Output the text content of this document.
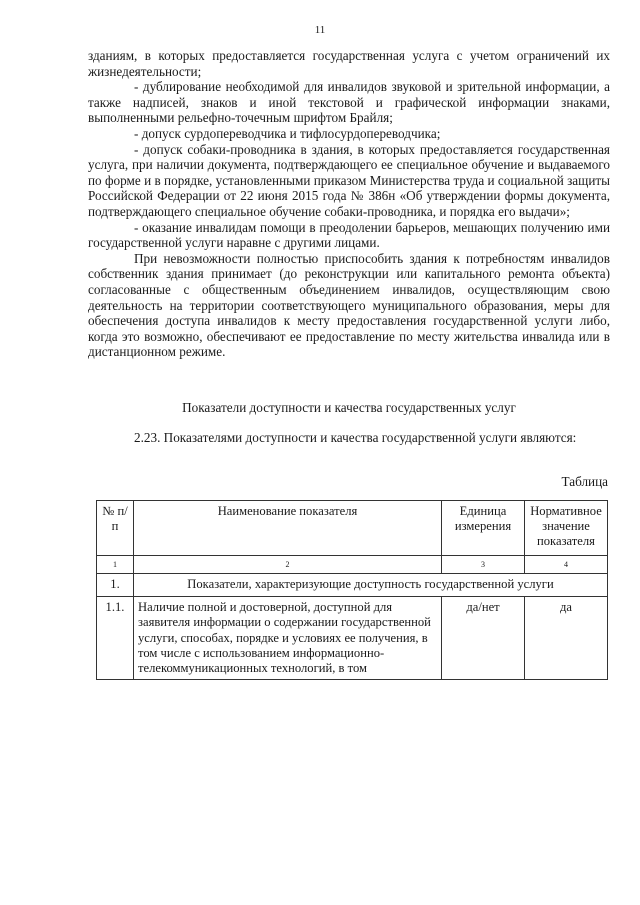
11

зданиям, в которых предоставляется государственная услуга с учетом ограничений их жизнедеятельности;

- дублирование необходимой для инвалидов звуковой и зрительной информации, а также надписей, знаков и иной текстовой и графической информации знаками, выполненными рельефно-точечным шрифтом Брайля;

- допуск сурдопереводчика и тифлосурдопереводчика;

- допуск собаки-проводника в здания, в которых предоставляется государственная услуга, при наличии документа, подтверждающего ее специальное обучение и выдаваемого по форме и в порядке, установленными приказом Министерства труда и социальной защиты Российской Федерации от 22 июня 2015 года № 386н «Об утверждении формы документа, подтверждающего специальное обучение собаки-проводника, и порядка его выдачи»;

- оказание инвалидам помощи в преодолении барьеров, мешающих получению ими государственной услуги наравне с другими лицами.

При невозможности полностью приспособить здания к потребностям инвалидов собственник здания принимает (до реконструкции или капитального ремонта объекта) согласованные с общественным объединением инвалидов, осуществляющим свою деятельность на территории соответствующего муниципального образования, меры для обеспечения доступа инвалидов к месту предоставления государственной услуги либо, когда это возможно, обеспечивают ее предоставление по месту жительства инвалида или в дистанционном режиме.

Показатели доступности и качества государственных услуг
2.23. Показателями доступности и качества государственной услуги являются:
Таблица
№ п/п	Наименование показателя	Единица измерения	Нормативное значение показателя
1	2	3	4
1.	Показатели, характеризующие доступность государственной услуги		
1.1.	Наличие полной и достоверной, доступной для заявителя информации о содержании государственной услуги, способах, порядке и условиях ее получения, в том числе с использованием информационно-телекоммуникационных технологий, в том	да/нет	да
